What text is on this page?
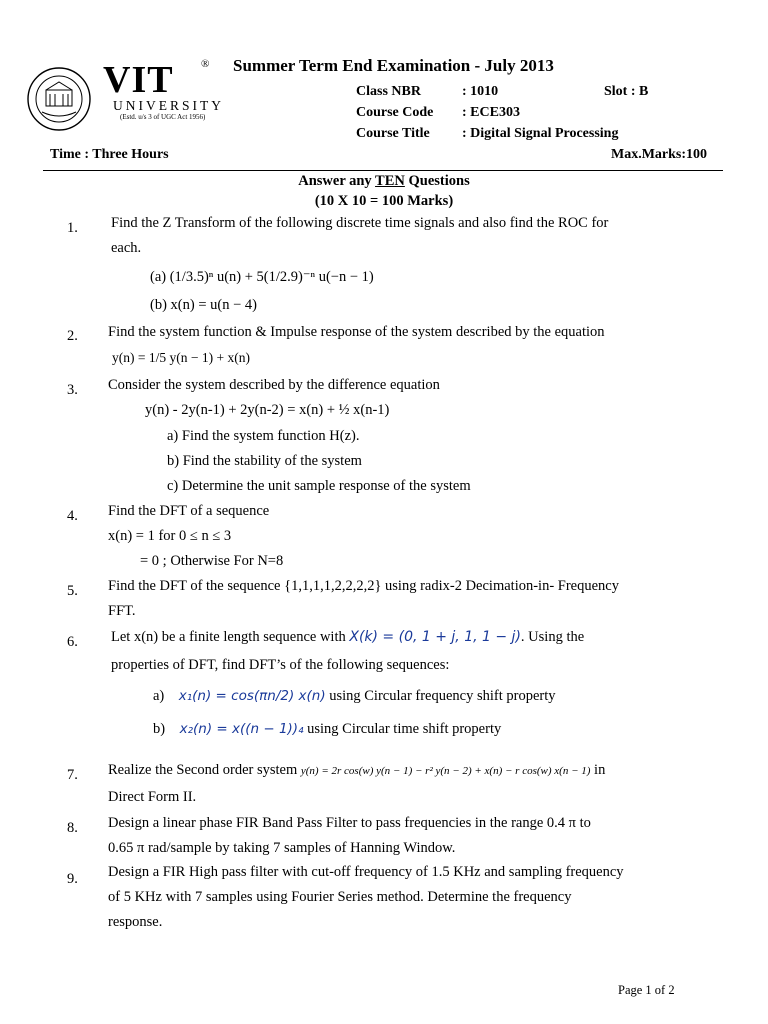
VIT ®
UNIVERSITY
(Estd. u/s 3 of UGC Act 1956)
Summer Term End Examination - July 2013
Class NBR	: 1010	Slot : B
Course Code : ECE303
Course Title : Digital Signal Processing
Time : Three Hours	Max.Marks:100
Answer any TEN Questions
(10 X 10 = 100 Marks)
1.	Find the Z Transform of the following discrete time signals and also find the ROC for
each.
(a) (1/3.5)ⁿ u(n) + 5(1/2.9)⁻ⁿ u(−n − 1)
(b) x(n) = u(n − 4)
2.	Find the system function & Impulse response of the system described by the equation
y(n) = 1/5 y(n − 1) + x(n)
3.	Consider the system described by the difference equation
y(n) - 2y(n-1) + 2y(n-2) = x(n) + ½ x(n-1)
a) Find the system function H(z).
b) Find the stability of the system
c) Determine the unit sample response of the system
4.	Find the DFT of a sequence
x(n) = 1 for 0 ≤ n ≤ 3
= 0 ; Otherwise For N=8
5.	Find the DFT of the sequence {1,1,1,1,2,2,2,2} using radix-2 Decimation-in- Frequency
FFT.
6.	Let x(n) be a finite length sequence with X(k) = (0, 1 + j, 1, 1 − j). Using the
properties of DFT, find DFT’s of the following sequences:
a) x₁(n) = cos(πn/2) x(n) using Circular frequency shift property
b) x₂(n) = x((n − 1))₄ using Circular time shift property
7.	Realize the Second order system y(n) = 2r cos(w) y(n − 1) − r² y(n − 2) + x(n) − r cos(w) x(n − 1) in
Direct Form II.
8.	Design a linear phase FIR Band Pass Filter to pass frequencies in the range 0.4 π to
0.65 π rad/sample by taking 7 samples of Hanning Window.
9.	Design a FIR High pass filter with cut-off frequency of 1.5 KHz and sampling frequency
of 5 KHz with 7 samples using Fourier Series method. Determine the frequency
response.
Page 1 of 2
